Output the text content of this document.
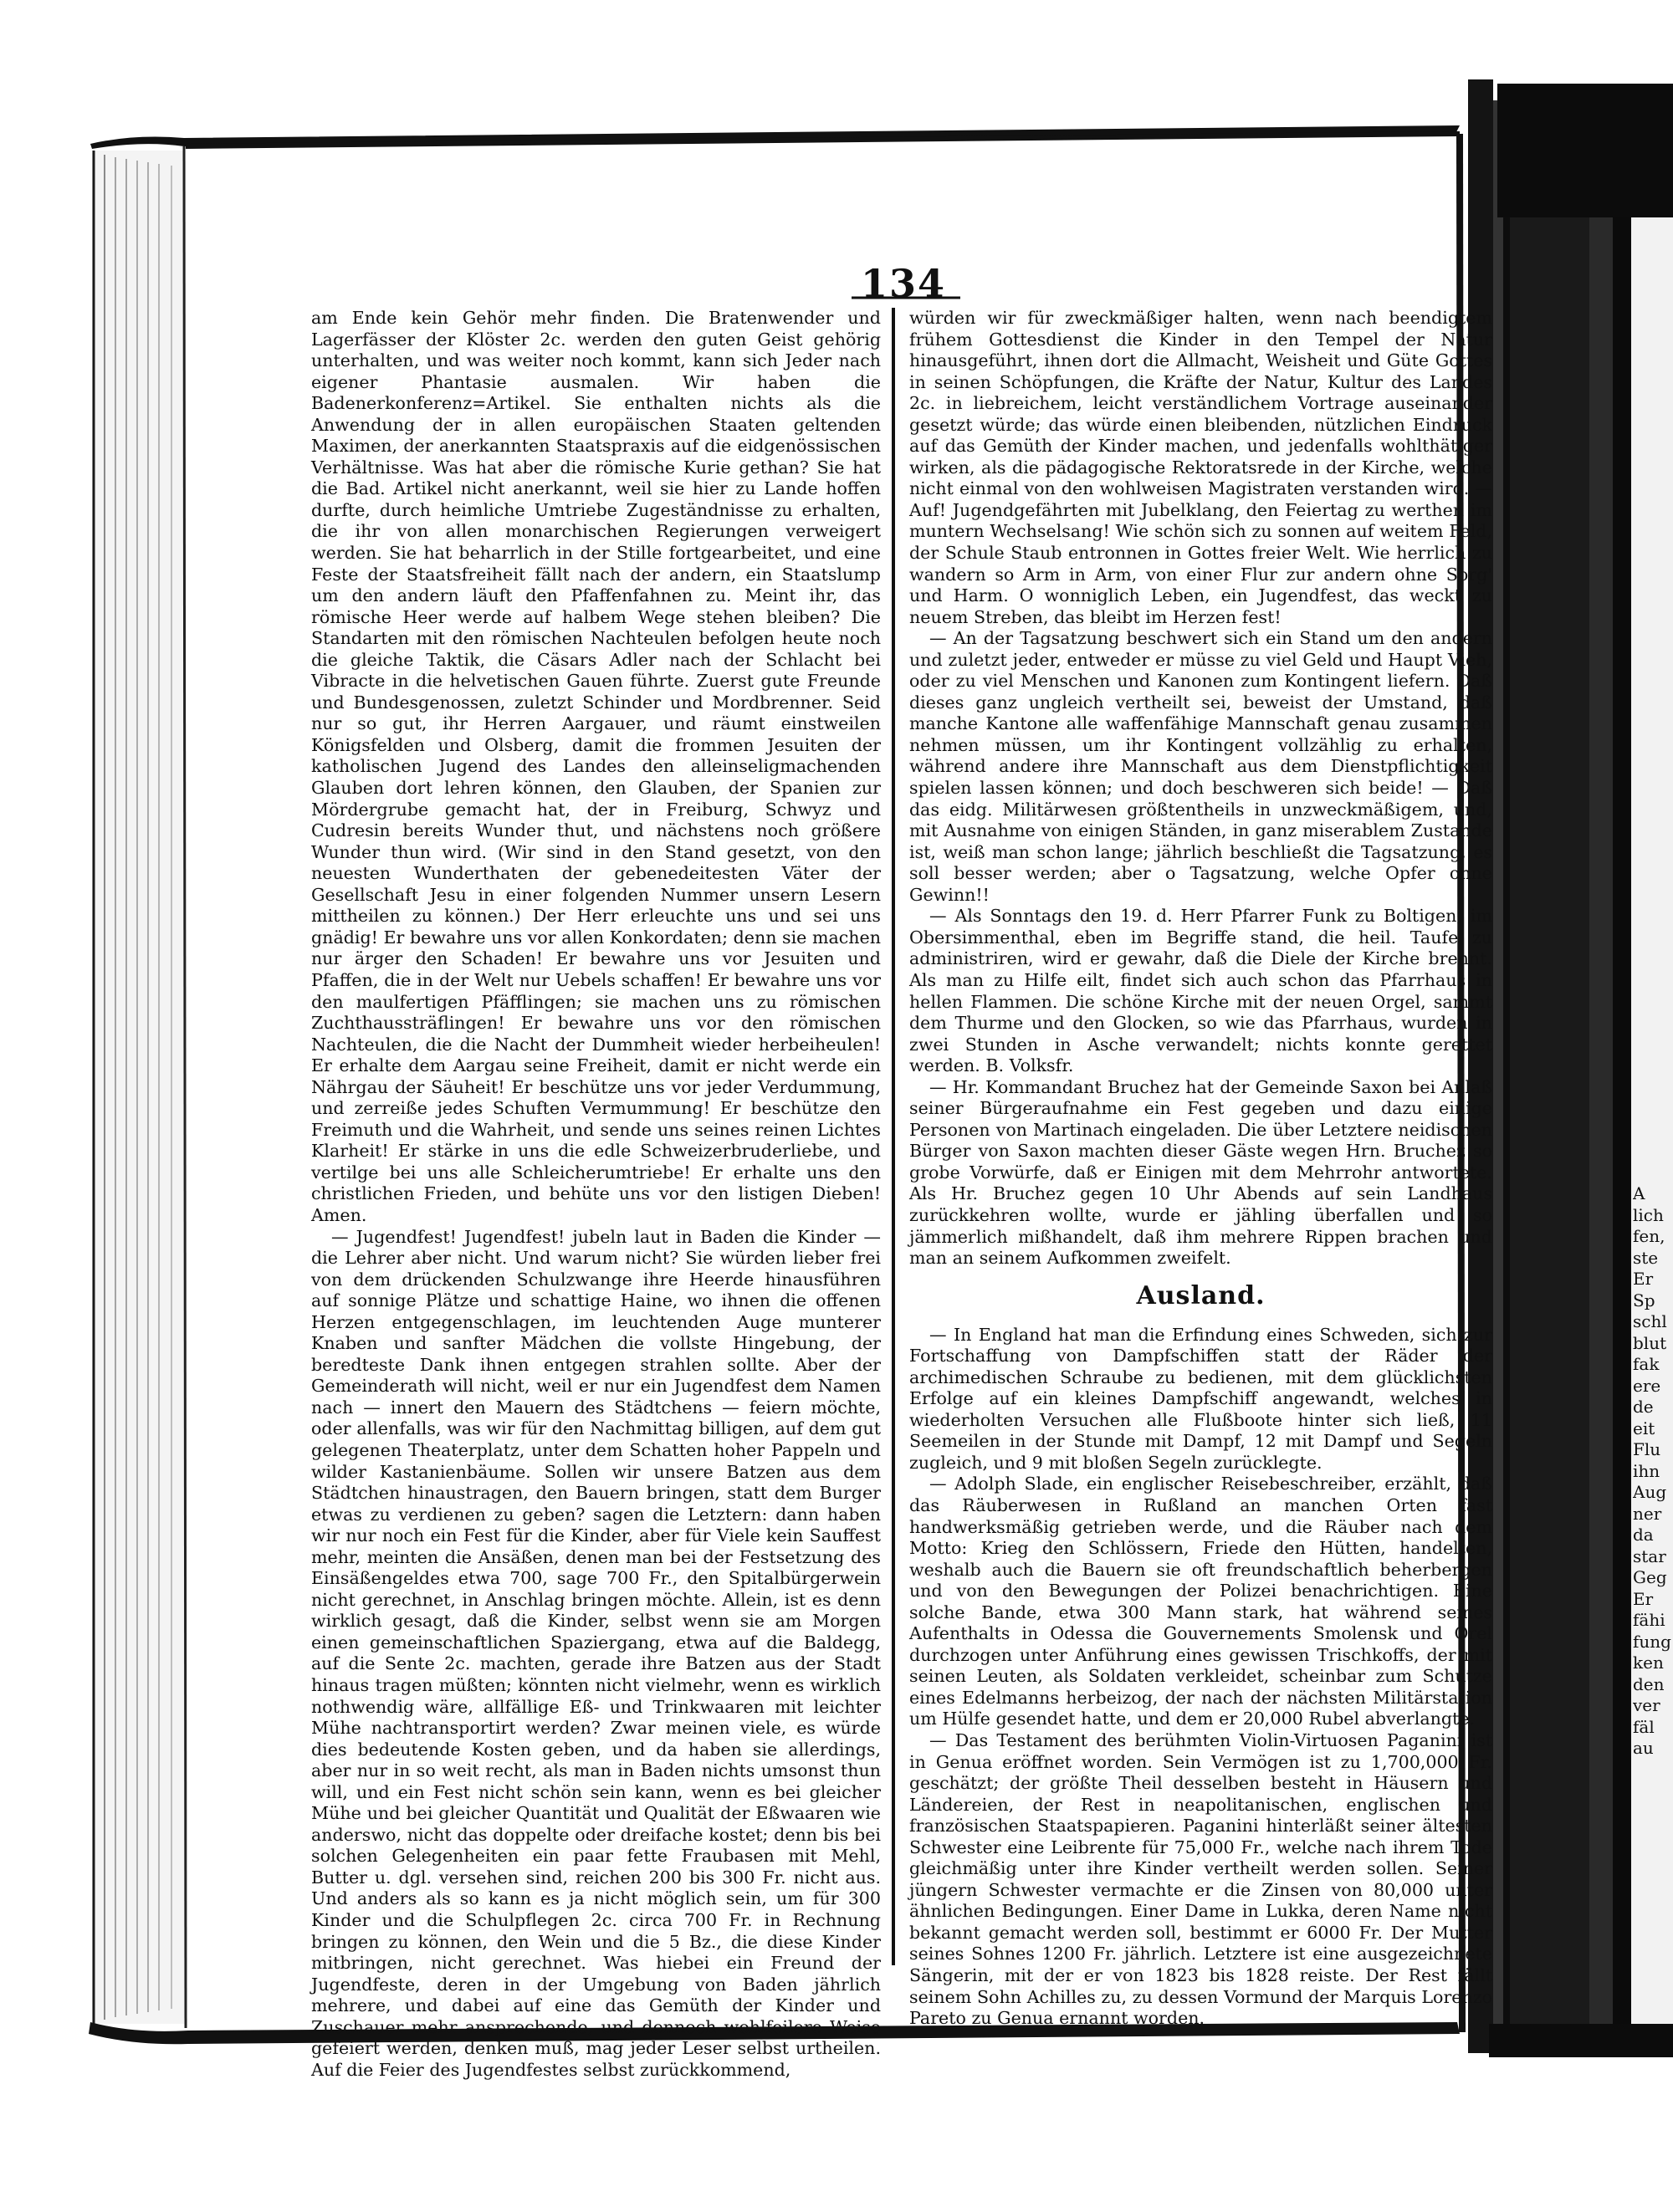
134

am Ende kein Gehör mehr finden. Die Bratenwender und Lagerfässer der Klöster 2c. werden den guten Geist gehörig unterhalten, und was weiter noch kommt, kann sich Jeder nach eigener Phantasie ausmalen. Wir haben die Badenerkonferenz=Artikel. Sie enthalten nichts als die Anwendung der in allen europäischen Staaten geltenden Maximen, der anerkannten Staatspraxis auf die eidgenössischen Verhältnisse. Was hat aber die römische Kurie gethan? Sie hat die Bad. Artikel nicht anerkannt, weil sie hier zu Lande hoffen durfte, durch heimliche Umtriebe Zugeständnisse zu erhalten, die ihr von allen monarchischen Regierungen verweigert werden. Sie hat beharrlich in der Stille fortgearbeitet, und eine Feste der Staatsfreiheit fällt nach der andern, ein Staatslump um den andern läuft den Pfaffenfahnen zu. Meint ihr, das römische Heer werde auf halbem Wege stehen bleiben? Die Standarten mit den römischen Nachteulen befolgen heute noch die gleiche Taktik, die Cäsars Adler nach der Schlacht bei Vibracte in die helvetischen Gauen führte. Zuerst gute Freunde und Bundesgenossen, zuletzt Schinder und Mordbrenner. Seid nur so gut, ihr Herren Aargauer, und räumt einstweilen Königsfelden und Olsberg, damit die frommen Jesuiten der katholischen Jugend des Landes den alleinseligmachenden Glauben dort lehren können, den Glauben, der Spanien zur Mördergrube gemacht hat, der in Freiburg, Schwyz und Cudresin bereits Wunder thut, und nächstens noch größere Wunder thun wird. (Wir sind in den Stand gesetzt, von den neuesten Wunderthaten der gebenedeitesten Väter der Gesellschaft Jesu in einer folgenden Nummer unsern Lesern mittheilen zu können.) Der Herr erleuchte uns und sei uns gnädig! Er bewahre uns vor allen Konkordaten; denn sie machen nur ärger den Schaden! Er bewahre uns vor Jesuiten und Pfaffen, die in der Welt nur Uebels schaffen! Er bewahre uns vor den maulfertigen Pfäfflingen; sie machen uns zu römischen Zuchthaussträflingen! Er bewahre uns vor den römischen Nachteulen, die die Nacht der Dummheit wieder herbeiheulen! Er erhalte dem Aargau seine Freiheit, damit er nicht werde ein Nährgau der Säuheit! Er beschütze uns vor jeder Verdummung, und zerreiße jedes Schuften Vermummung! Er beschütze den Freimuth und die Wahrheit, und sende uns seines reinen Lichtes Klarheit! Er stärke in uns die edle Schweizerbruderliebe, und vertilge bei uns alle Schleicherumtriebe! Er erhalte uns den christlichen Frieden, und behüte uns vor den listigen Dieben! Amen.

— Jugendfest! Jugendfest! jubeln laut in Baden die Kinder — die Lehrer aber nicht. Und warum nicht? Sie würden lieber frei von dem drückenden Schulzwange ihre Heerde hinausführen auf sonnige Plätze und schattige Haine, wo ihnen die offenen Herzen entgegenschlagen, im leuchtenden Auge munterer Knaben und sanfter Mädchen die vollste Hingebung, der beredteste Dank ihnen entgegen strahlen sollte. Aber der Gemeinderath will nicht, weil er nur ein Jugendfest dem Namen nach — innert den Mauern des Städtchens — feiern möchte, oder allenfalls, was wir für den Nachmittag billigen, auf dem gut gelegenen Theaterplatz, unter dem Schatten hoher Pappeln und wilder Kastanienbäume. Sollen wir unsere Batzen aus dem Städtchen hinaustragen, den Bauern bringen, statt dem Burger etwas zu verdienen zu geben? sagen die Letztern: dann haben wir nur noch ein Fest für die Kinder, aber für Viele kein Sauffest mehr, meinten die Ansäßen, denen man bei der Festsetzung des Einsäßengeldes etwa 700, sage 700 Fr., den Spitalbürgerwein nicht gerechnet, in Anschlag bringen möchte. Allein, ist es denn wirklich gesagt, daß die Kinder, selbst wenn sie am Morgen einen gemeinschaftlichen Spaziergang, etwa auf die Baldegg, auf die Sente 2c. machten, gerade ihre Batzen aus der Stadt hinaus tragen müßten; könnten nicht vielmehr, wenn es wirklich nothwendig wäre, allfällige Eß- und Trinkwaaren mit leichter Mühe nachtransportirt werden? Zwar meinen viele, es würde dies bedeutende Kosten geben, und da haben sie allerdings, aber nur in so weit recht, als man in Baden nichts umsonst thun will, und ein Fest nicht schön sein kann, wenn es bei gleicher Mühe und bei gleicher Quantität und Qualität der Eßwaaren wie anderswo, nicht das doppelte oder dreifache kostet; denn bis bei solchen Gelegenheiten ein paar fette Fraubasen mit Mehl, Butter u. dgl. versehen sind, reichen 200 bis 300 Fr. nicht aus. Und anders als so kann es ja nicht möglich sein, um für 300 Kinder und die Schulpflegen 2c. circa 700 Fr. in Rechnung bringen zu können, den Wein und die 5 Bz., die diese Kinder mitbringen, nicht gerechnet. Was hiebei ein Freund der Jugendfeste, deren in der Umgebung von Baden jährlich mehrere, und dabei auf eine das Gemüth der Kinder und Zuschauer mehr ansprechende, und dennoch wohlfeilere Weise gefeiert werden, denken muß, mag jeder Leser selbst urtheilen. Auf die Feier des Jugendfestes selbst zurückkommend,

würden wir für zweckmäßiger halten, wenn nach beendigtem frühem Gottesdienst die Kinder in den Tempel der Natur hinausgeführt, ihnen dort die Allmacht, Weisheit und Güte Gottes in seinen Schöpfungen, die Kräfte der Natur, Kultur des Landes 2c. in liebreichem, leicht verständlichem Vortrage auseinander gesetzt würde; das würde einen bleibenden, nützlichen Eindruck auf das Gemüth der Kinder machen, und jedenfalls wohlthätiger wirken, als die pädagogische Rektoratsrede in der Kirche, welche nicht einmal von den wohlweisen Magistraten verstanden wird. — Auf! Jugendgefährten mit Jubelklang, den Feiertag zu werthen im muntern Wechselsang! Wie schön sich zu sonnen auf weitem Feld, der Schule Staub entronnen in Gottes freier Welt. Wie herrlich zu wandern so Arm in Arm, von einer Flur zur andern ohne Sorg' und Harm. O wonniglich Leben, ein Jugendfest, das weckt zu neuem Streben, das bleibt im Herzen fest!

— An der Tagsatzung beschwert sich ein Stand um den andern und zuletzt jeder, entweder er müsse zu viel Geld und Haupt Vieh, oder zu viel Menschen und Kanonen zum Kontingent liefern. Daß dieses ganz ungleich vertheilt sei, beweist der Umstand, daß manche Kantone alle waffenfähige Mannschaft genau zusammen nehmen müssen, um ihr Kontingent vollzählig zu erhalten, während andere ihre Mannschaft aus dem Dienstpflichtigkeit spielen lassen können; und doch beschweren sich beide! — Daß das eidg. Militärwesen größtentheils in unzweckmäßigem, und, mit Ausnahme von einigen Ständen, in ganz miserablem Zustande ist, weiß man schon lange; jährlich beschließt die Tagsatzung, es soll besser werden; aber o Tagsatzung, welche Opfer ohne Gewinn!!

— Als Sonntags den 19. d. Herr Pfarrer Funk zu Boltigen, im Obersimmenthal, eben im Begriffe stand, die heil. Taufe zu administriren, wird er gewahr, daß die Diele der Kirche brennt. Als man zu Hilfe eilt, findet sich auch schon das Pfarrhaus in hellen Flammen. Die schöne Kirche mit der neuen Orgel, sammt dem Thurme und den Glocken, so wie das Pfarrhaus, wurden in zwei Stunden in Asche verwandelt; nichts konnte gerettet werden. B. Volksfr.

— Hr. Kommandant Bruchez hat der Gemeinde Saxon bei Anlaß seiner Bürgeraufnahme ein Fest gegeben und dazu einige Personen von Martinach eingeladen. Die über Letztere neidischen Bürger von Saxon machten dieser Gäste wegen Hrn. Bruchez so grobe Vorwürfe, daß er Einigen mit dem Mehrrohr antwortete. Als Hr. Bruchez gegen 10 Uhr Abends auf sein Landhaus zurückkehren wollte, wurde er jähling überfallen und so jämmerlich mißhandelt, daß ihm mehrere Rippen brachen und man an seinem Aufkommen zweifelt.

Ausland.

— In England hat man die Erfindung eines Schweden, sich zur Fortschaffung von Dampfschiffen statt der Räder der archimedischen Schraube zu bedienen, mit dem glücklichsten Erfolge auf ein kleines Dampfschiff angewandt, welches in wiederholten Versuchen alle Flußboote hinter sich ließ, 11 Seemeilen in der Stunde mit Dampf, 12 mit Dampf und Segeln zugleich, und 9 mit bloßen Segeln zurücklegte.

— Adolph Slade, ein englischer Reisebeschreiber, erzählt, daß das Räuberwesen in Rußland an manchen Orten fast handwerksmäßig getrieben werde, und die Räuber nach dem Motto: Krieg den Schlössern, Friede den Hütten, handelten, weshalb auch die Bauern sie oft freundschaftlich beherbergen und von den Bewegungen der Polizei benachrichtigen. Eine solche Bande, etwa 300 Mann stark, hat während seines Aufenthalts in Odessa die Gouvernements Smolensk und Orel durchzogen unter Anführung eines gewissen Trischkoffs, der mit seinen Leuten, als Soldaten verkleidet, scheinbar zum Schutze eines Edelmanns herbeizog, der nach der nächsten Militärstation um Hülfe gesendet hatte, und dem er 20,000 Rubel abverlangte.

— Das Testament des berühmten Violin-Virtuosen Paganini ist in Genua eröffnet worden. Sein Vermögen ist zu 1,700,000 Fr. geschätzt; der größte Theil desselben besteht in Häusern und Ländereien, der Rest in neapolitanischen, englischen und französischen Staatspapieren. Paganini hinterläßt seiner ältesten Schwester eine Leibrente für 75,000 Fr., welche nach ihrem Tode gleichmäßig unter ihre Kinder vertheilt werden sollen. Seiner jüngern Schwester vermachte er die Zinsen von 80,000 unter ähnlichen Bedingungen. Einer Dame in Lukka, deren Name nicht bekannt gemacht werden soll, bestimmt er 6000 Fr. Der Mutter seines Sohnes 1200 Fr. jährlich. Letztere ist eine ausgezeichnete Sängerin, mit der er von 1823 bis 1828 reiste. Der Rest fällt seinem Sohn Achilles zu, zu dessen Vormund der Marquis Lorenzo Pareto zu Genua ernannt worden.

A
lich
fen,
ste
Er
Sp
schl
blut
fak
ere
de
eit
Flu
ihn
Aug
ner
da
star
Geg
Er
fähi
fung
ken
den
ver
fäl
au
